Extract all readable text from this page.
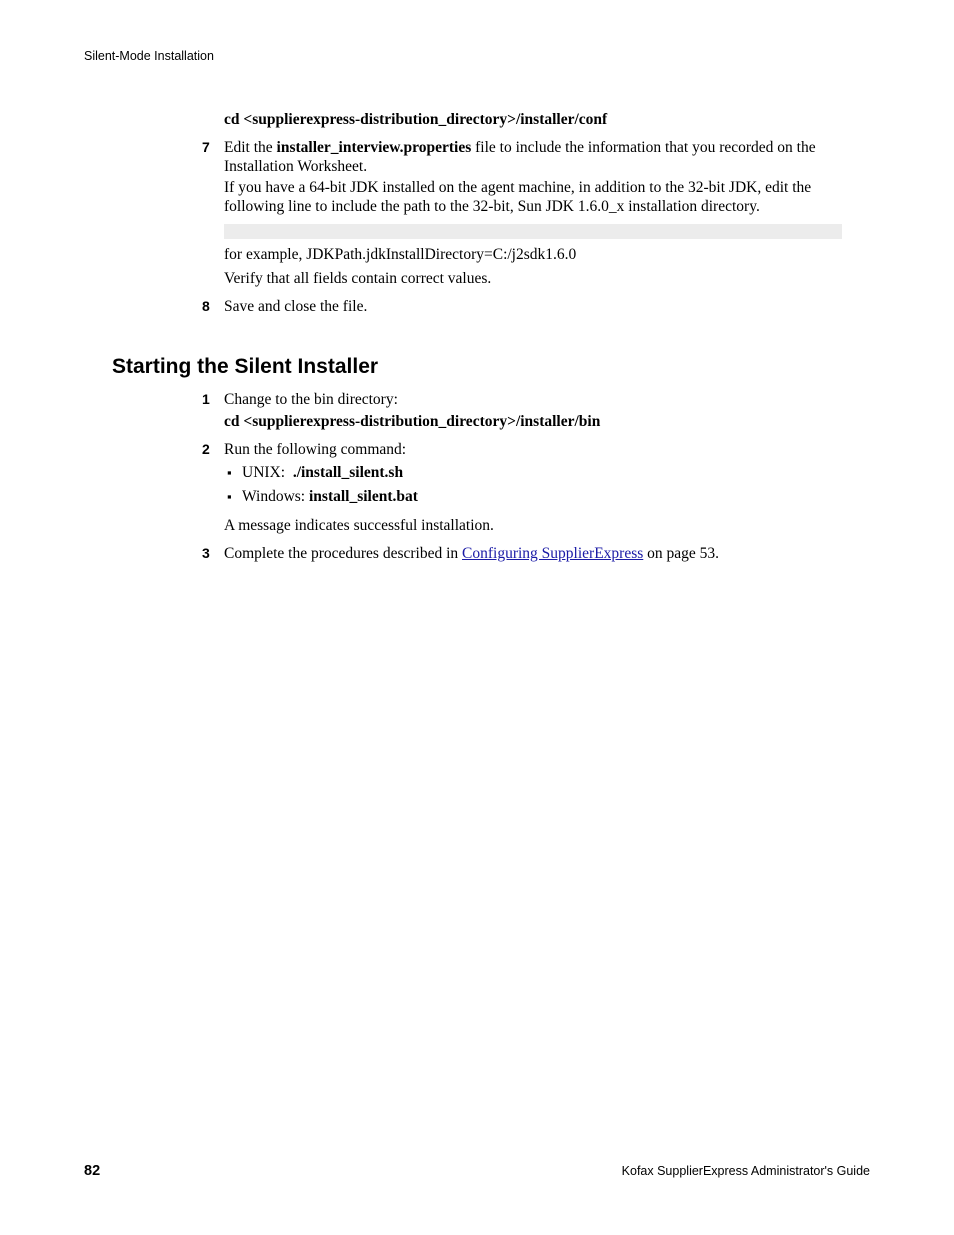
Silent-Mode Installation
cd <supplierexpress-distribution_directory>/installer/conf
7 Edit the installer_interview.properties file to include the information that you recorded on the Installation Worksheet.
If you have a 64-bit JDK installed on the agent machine, in addition to the 32-bit JDK, edit the following line to include the path to the 32-bit, Sun JDK 1.6.0_x installation directory.
for example, JDKPath.jdkInstallDirectory=C:/j2sdk1.6.0
Verify that all fields contain correct values.
8 Save and close the file.
Starting the Silent Installer
1 Change to the bin directory:
cd <supplierexpress-distribution_directory>/installer/bin
2 Run the following command:
▪ UNIX:  ./install_silent.sh
▪ Windows: install_silent.bat
A message indicates successful installation.
3 Complete the procedures described in Configuring SupplierExpress on page 53.
82	Kofax SupplierExpress Administrator's Guide
